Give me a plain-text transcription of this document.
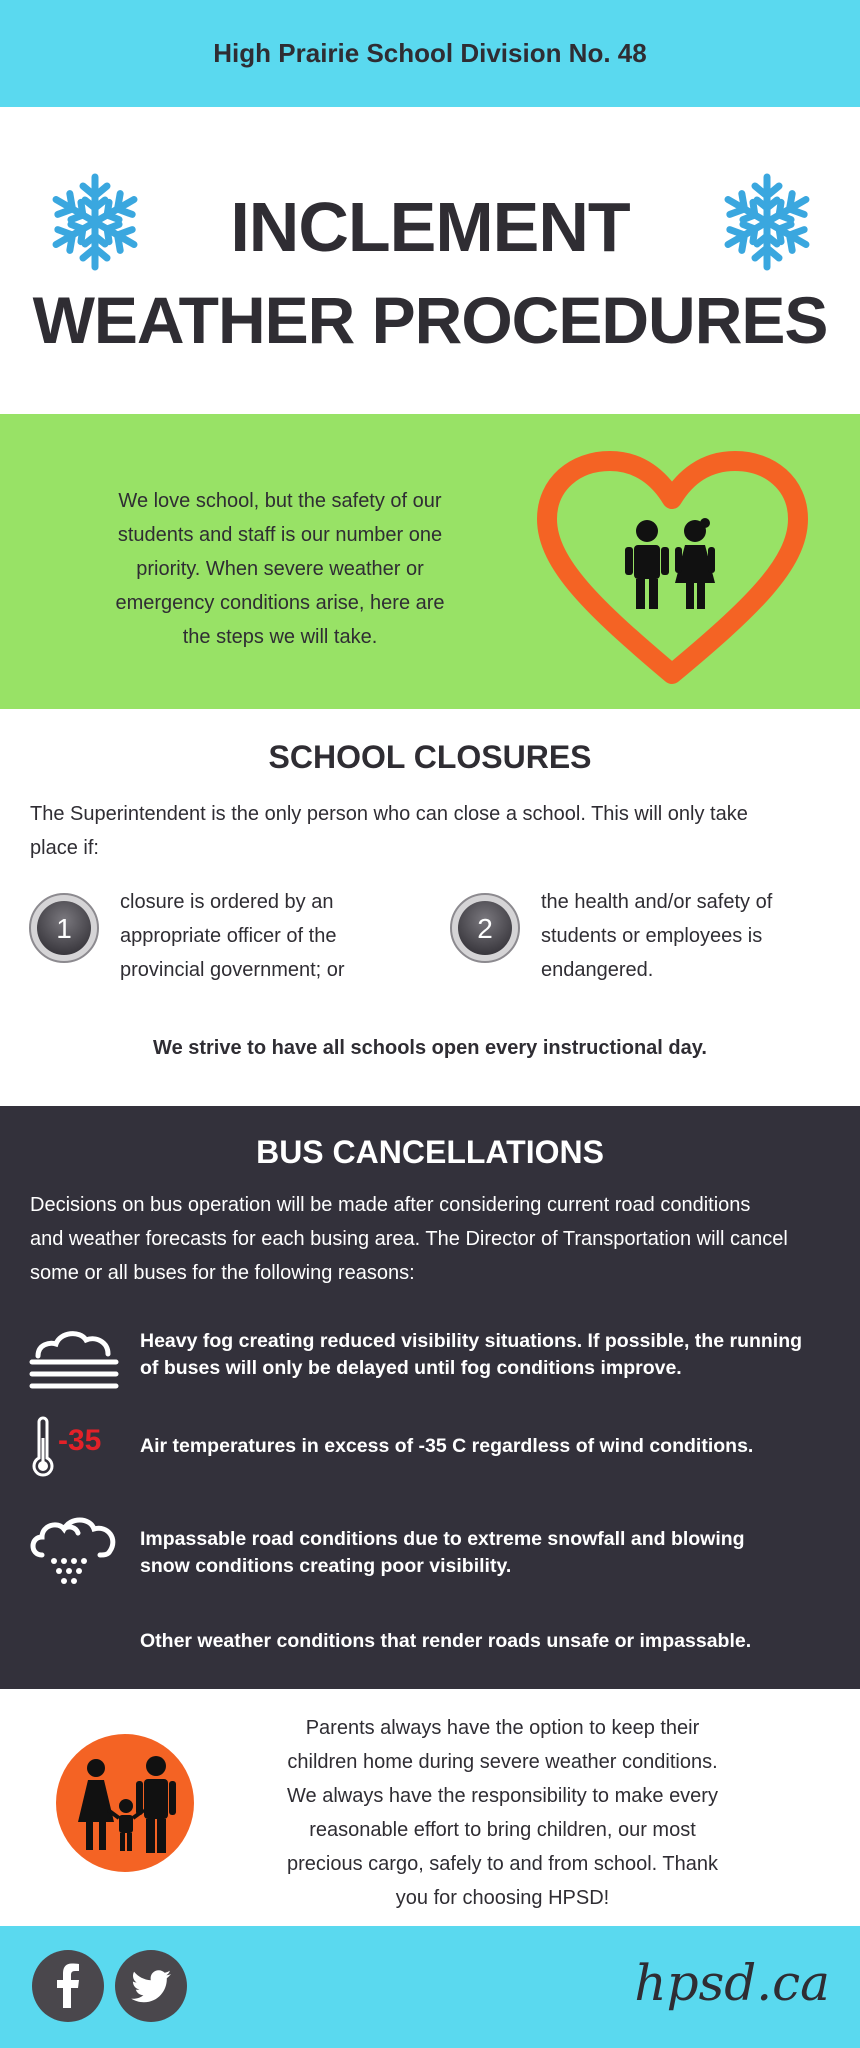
High Prairie School Division No. 48
INCLEMENT
WEATHER PROCEDURES
We love school, but the safety of our
students and staff is our number one
priority. When severe weather or
emergency conditions arise, here are
the steps we will take.
SCHOOL CLOSURES
The Superintendent is the only person who can close a school. This will only take
place if:
1
closure is ordered by an
appropriate officer of the
provincial government; or
2
the health and/or safety of
students or employees is
endangered.
We strive to have all schools open every instructional day.
BUS CANCELLATIONS
Decisions on bus operation will be made after considering current road conditions
and weather forecasts for each busing area. The Director of Transportation will cancel
some or all buses for the following reasons:
Heavy fog creating reduced visibility situations. If possible, the running
of buses will only be delayed until fog conditions improve.
-35 Air temperatures in excess of -35 C regardless of wind conditions.
Impassable road conditions due to extreme snowfall and blowing
snow conditions creating poor visibility.
Other weather conditions that render roads unsafe or impassable.
Parents always have the option to keep their
children home during severe weather conditions.
We always have the responsibility to make every
reasonable effort to bring children, our most
precious cargo, safely to and from school. Thank
you for choosing HPSD!
hpsd.ca
